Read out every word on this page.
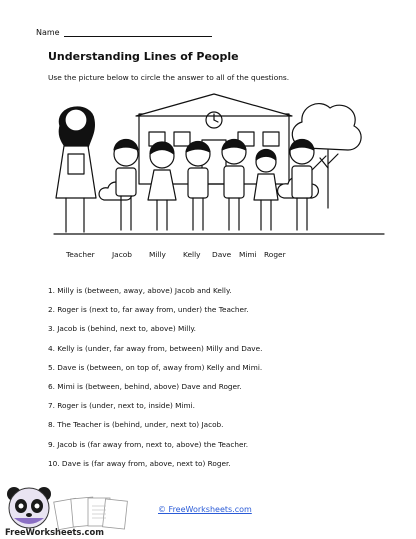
Name
Understanding Lines of People
Use the picture below to circle the answer to all of the questions.
Teacher Jacob Milly Kelly Dave Mimi Roger
1. Milly is (between, away, above) Jacob and Kelly.
2. Roger is (next to, far away from, under) the Teacher.
3. Jacob is (behind, next to, above) Milly.
4. Kelly is (under, far away from, between) Milly and Dave.
5. Dave is (between, on top of, away from) Kelly and Mimi.
6. Mimi is (between, behind, above) Dave and Roger.
7. Roger is (under, next to, inside) Mimi.
8. The Teacher is (behind, under, next to) Jacob.
9. Jacob is (far away from, next to, above) the Teacher.
10. Dave is (far away from, above, next to) Roger.
FreeWorksheets.com
© FreeWorksheets.com
